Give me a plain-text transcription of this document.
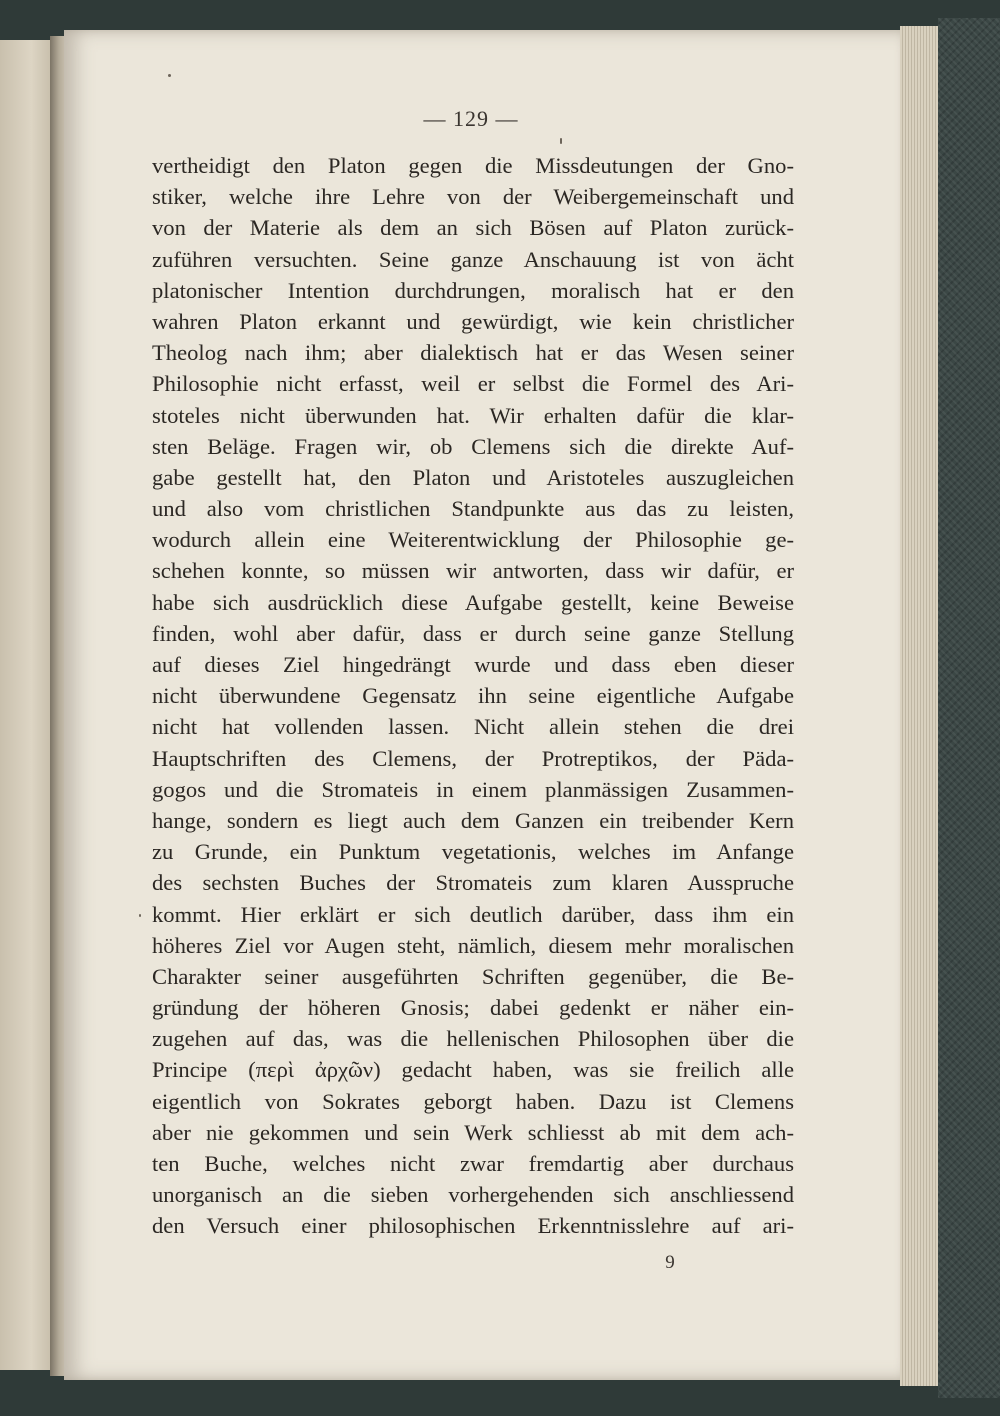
— 129 —
vertheidigt den Platon gegen die Missdeutungen der Gno-
stiker, welche ihre Lehre von der Weibergemeinschaft und
von der Materie als dem an sich Bösen auf Platon zurück-
zuführen versuchten. Seine ganze Anschauung ist von ächt
platonischer Intention durchdrungen, moralisch hat er den
wahren Platon erkannt und gewürdigt, wie kein christlicher
Theolog nach ihm; aber dialektisch hat er das Wesen seiner
Philosophie nicht erfasst, weil er selbst die Formel des Ari-
stoteles nicht überwunden hat. Wir erhalten dafür die klar-
sten Beläge. Fragen wir, ob Clemens sich die direkte Auf-
gabe gestellt hat, den Platon und Aristoteles auszugleichen
und also vom christlichen Standpunkte aus das zu leisten,
wodurch allein eine Weiterentwicklung der Philosophie ge-
schehen konnte, so müssen wir antworten, dass wir dafür, er
habe sich ausdrücklich diese Aufgabe gestellt, keine Beweise
finden, wohl aber dafür, dass er durch seine ganze Stellung
auf dieses Ziel hingedrängt wurde und dass eben dieser
nicht überwundene Gegensatz ihn seine eigentliche Aufgabe
nicht hat vollenden lassen. Nicht allein stehen die drei
Hauptschriften des Clemens, der Protreptikos, der Päda-
gogos und die Stromateis in einem planmässigen Zusammen-
hange, sondern es liegt auch dem Ganzen ein treibender Kern
zu Grunde, ein Punktum vegetationis, welches im Anfange
des sechsten Buches der Stromateis zum klaren Ausspruche
kommt. Hier erklärt er sich deutlich darüber, dass ihm ein
höheres Ziel vor Augen steht, nämlich, diesem mehr moralischen
Charakter seiner ausgeführten Schriften gegenüber, die Be-
gründung der höheren Gnosis; dabei gedenkt er näher ein-
zugehen auf das, was die hellenischen Philosophen über die
Principe (περὶ ἀρχῶν) gedacht haben, was sie freilich alle
eigentlich von Sokrates geborgt haben. Dazu ist Clemens
aber nie gekommen und sein Werk schliesst ab mit dem ach-
ten Buche, welches nicht zwar fremdartig aber durchaus
unorganisch an die sieben vorhergehenden sich anschliessend
den Versuch einer philosophischen Erkenntnisslehre auf ari-
9
